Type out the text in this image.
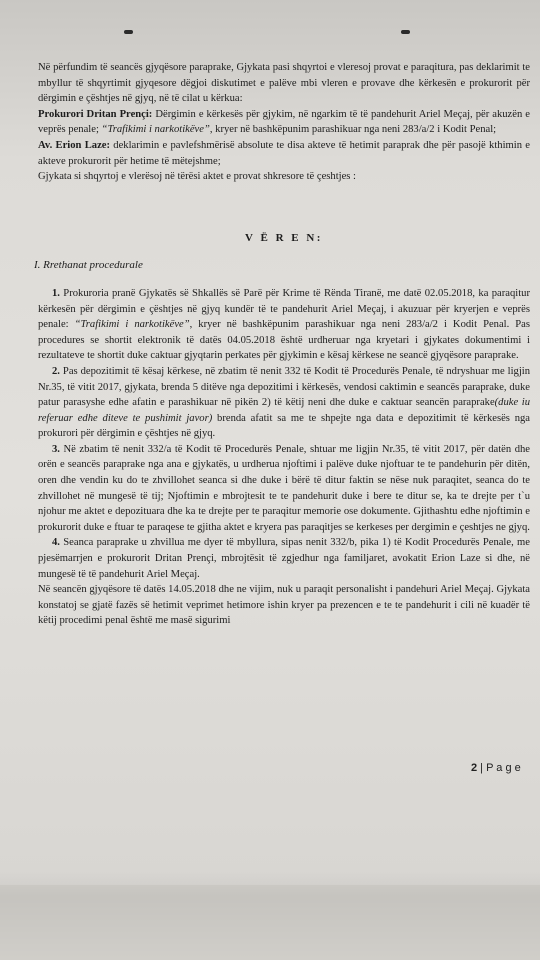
Në përfundim të seancës gjyqësore paraprake, Gjykata pasi shqyrtoi e vleresoj provat e paraqitura, pas deklarimit te mbyllur të shqyrtimit gjyqesore dëgjoi diskutimet e palëve mbi vleren e provave dhe kërkesën e prokurorit për dërgimin e çështjes në gjyq, në të cilat u kërkua:

Prokurori Dritan Prençi: Dërgimin e kërkesës për gjykim, në ngarkim të të pandehurit Ariel Meçaj, për akuzën e veprës penale; “Trafikimi i narkotikëve”, kryer në bashkëpunim parashikuar nga neni 283/a/2 i Kodit Penal;

Av. Erion Laze: deklarimin e pavlefshmërisë absolute te disa akteve të hetimit paraprak dhe për pasojë kthimin e akteve prokurorit për hetime të mëtejshme;

Gjykata si shqyrtoj e vlerësoj në tërësi aktet e provat shkresore të çeshtjes :

V Ë R E N:
I. Rrethanat procedurale

1. Prokuroria pranë Gjykatës së Shkallës së Parë për Krime të Rënda Tiranë, me datë 02.05.2018, ka paraqitur kërkesën për dërgimin e çështjes në gjyq kundër të te pandehurit Ariel Meçaj, i akuzuar për kryerjen e veprës penale: “Trafikimi i narkotikëve”, kryer në bashkëpunim parashikuar nga neni 283/a/2 i Kodit Penal. Pas procedures se shortit elektronik të datës 04.05.2018 është urdheruar nga kryetari i gjykates dokumentimi i rezultateve te shortit duke caktuar gjyqtarin perkates për gjykimin e kësaj kërkese ne seancë gjyqësore paraprake.

2. Pas depozitimit të kësaj kërkese, në zbatim të nenit 332 të Kodit të Procedurës Penale, të ndryshuar me ligjin Nr.35, të vitit 2017, gjykata, brenda 5 ditëve nga depozitimi i kërkesës, vendosi caktimin e seancës paraprake, duke patur parasyshe edhe afatin e parashikuar në pikën 2) të këtij neni dhe duke e caktuar seancën paraprake(duke iu referuar edhe diteve te pushimit javor) brenda afatit sa me te shpejte nga data e depozitimit të kërkesës nga prokurori për dërgimin e çështjes në gjyq.

3. Në zbatim të nenit 332/a të Kodit të Procedurës Penale, shtuar me ligjin Nr.35, të vitit 2017, për datën dhe orën e seancës paraprake nga ana e gjykatës, u urdherua njoftimi i palëve duke njoftuar te te pandehurin për ditën, oren dhe vendin ku do te zhvillohet seanca si dhe duke i bërë të ditur faktin se nëse nuk paraqitet, seanca do te zhvillohet në mungesë të tij; Njoftimin e mbrojtesit te te pandehurit duke i bere te ditur se, ka te drejte per t`u njohur me aktet e depozituara dhe ka te drejte per te paraqitur memorie ose dokumente. Gjithashtu edhe njoftimin e prokurorit duke e ftuar te paraqese te gjitha aktet e kryera pas paraqitjes se kerkeses per dergimin e çeshtjes ne gjyq.

4. Seanca paraprake u zhvillua me dyer të mbyllura, sipas nenit 332/b, pika 1) të Kodit Procedurës Penale, me pjesëmarrjen e prokurorit Dritan Prençi, mbrojtësit të zgjedhur nga familjaret, avokatit Erion Laze si dhe, në mungesë të të pandehurit Ariel Meçaj.

Në seancën gjyqësore të datës 14.05.2018 dhe ne vijim, nuk u paraqit personalisht i pandehuri Ariel Meçaj. Gjykata konstatoj se gjatë fazës së hetimit veprimet hetimore ishin kryer pa prezencen e te te pandehurit i cili në kuadër të këtij procedimi penal është me masë sigurimi

2 | P a g e
